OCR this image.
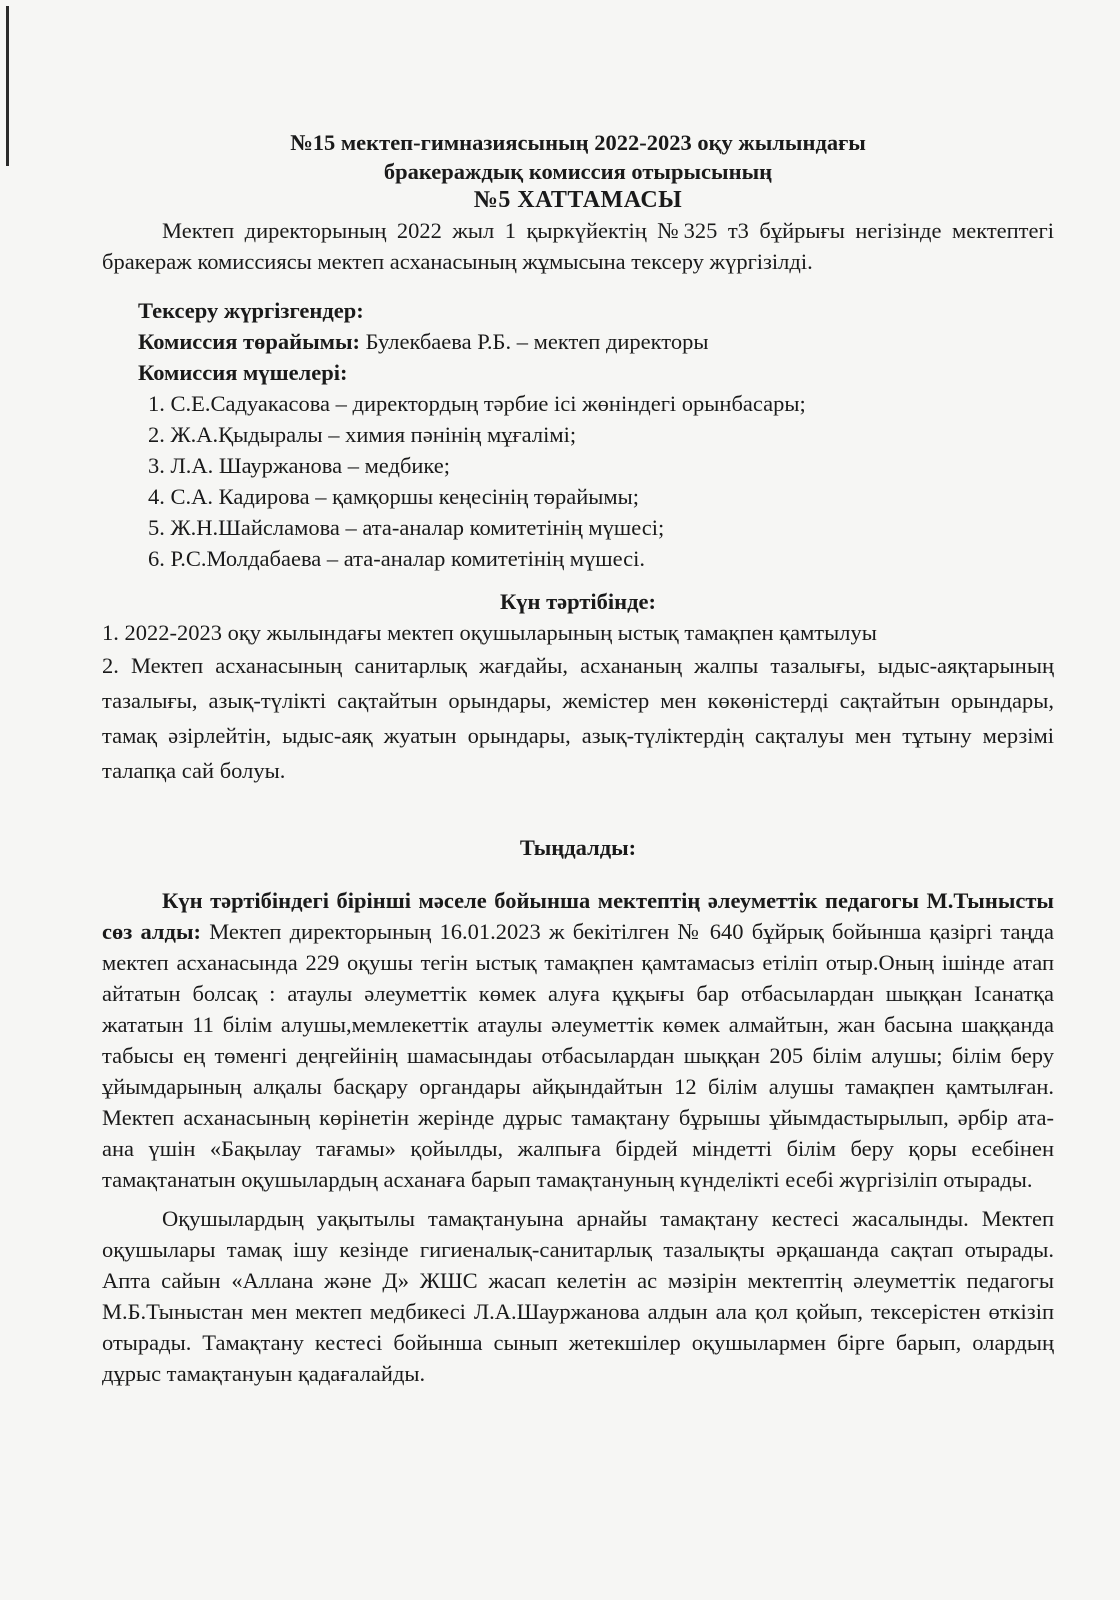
№15 мектеп-гимназиясының 2022-2023 оқу жылындағы

бракераждық комиссия отырысының

№5 ХАТТАМАСЫ

Мектеп директорының 2022 жыл 1 қыркүйектің №325 т3 бұйрығы негізінде мектептегі бракераж комиссиясы мектеп асханасының жұмысына тексеру жүргізілді.

Тексеру жүргізгендер:
Комиссия төрайымы: Булекбаева Р.Б. – мектеп директоры
Комиссия мүшелері:
1. С.Е.Садуакасова – директордың тәрбие ісі жөніндегі орынбасары;
2. Ж.А.Қыдыралы – химия пәнінің мұғалімі;
3. Л.А. Шауржанова – медбике;
4. С.А. Кадирова – қамқоршы кеңесінің төрайымы;
5. Ж.Н.Шайсламова – ата-аналар комитетінің мүшесі;
6. Р.С.Молдабаева – ата-аналар комитетінің мүшесі.

Күн тәртібінде:

1. 2022-2023 оқу жылындағы мектеп оқушыларының ыстық тамақпен қамтылуы

2. Мектеп асханасының санитарлық жағдайы, асхананың жалпы тазалығы, ыдыс-аяқтарының тазалығы, азық-түлікті сақтайтын орындары, жемістер мен көкөністерді сақтайтын орындары, тамақ әзірлейтін, ыдыс-аяқ жуатын орындары, азық-түліктердің сақталуы мен тұтыну мерзімі талапқа сай болуы.

Тыңдалды:

Күн тәртібіндегі бірінші мәселе бойынша мектептің әлеуметтік педагогы М.Тынысты сөз алды: Мектеп директорының 16.01.2023 ж бекітілген № 640 бұйрық бойынша қазіргі таңда мектеп асханасында 229 оқушы тегін ыстық тамақпен қамтамасыз етіліп отыр.Оның ішінде атап айтатын болсақ : атаулы әлеуметтік көмек алуға құқығы бар отбасылардан шыққан Ісанатқа жататын 11 білім алушы,мемлекеттік атаулы әлеуметтік көмек алмайтын, жан басына шаққанда табысы ең төменгі деңгейінің шамасындаы отбасылардан шыққан 205 білім алушы; білім беру ұйымдарының алқалы басқару органдары айқындайтын 12 білім алушы тамақпен қамтылған. Мектеп асханасының көрінетін жерінде дұрыс тамақтану бұрышы ұйымдастырылып, әрбір ата-ана үшін «Бақылау тағамы» қойылды, жалпыға бірдей міндетті білім беру қоры есебінен тамақтанатын оқушылардың асханаға барып тамақтануның күнделікті есебі жүргізіліп отырады.

Оқушылардың уақытылы тамақтануына арнайы тамақтану кестесі жасалынды. Мектеп оқушылары тамақ ішу кезінде гигиеналық-санитарлық тазалықты әрқашанда сақтап отырады. Апта сайын «Аллана және Д» ЖШС жасап келетін ас мәзірін мектептің әлеуметтік педагогы М.Б.Тыныстан мен мектеп медбикесі Л.А.Шауржанова алдын ала қол қойып, тексерістен өткізіп отырады. Тамақтану кестесі бойынша сынып жетекшілер оқушылармен бірге барып, олардың дұрыс тамақтануын қадағалайды.
